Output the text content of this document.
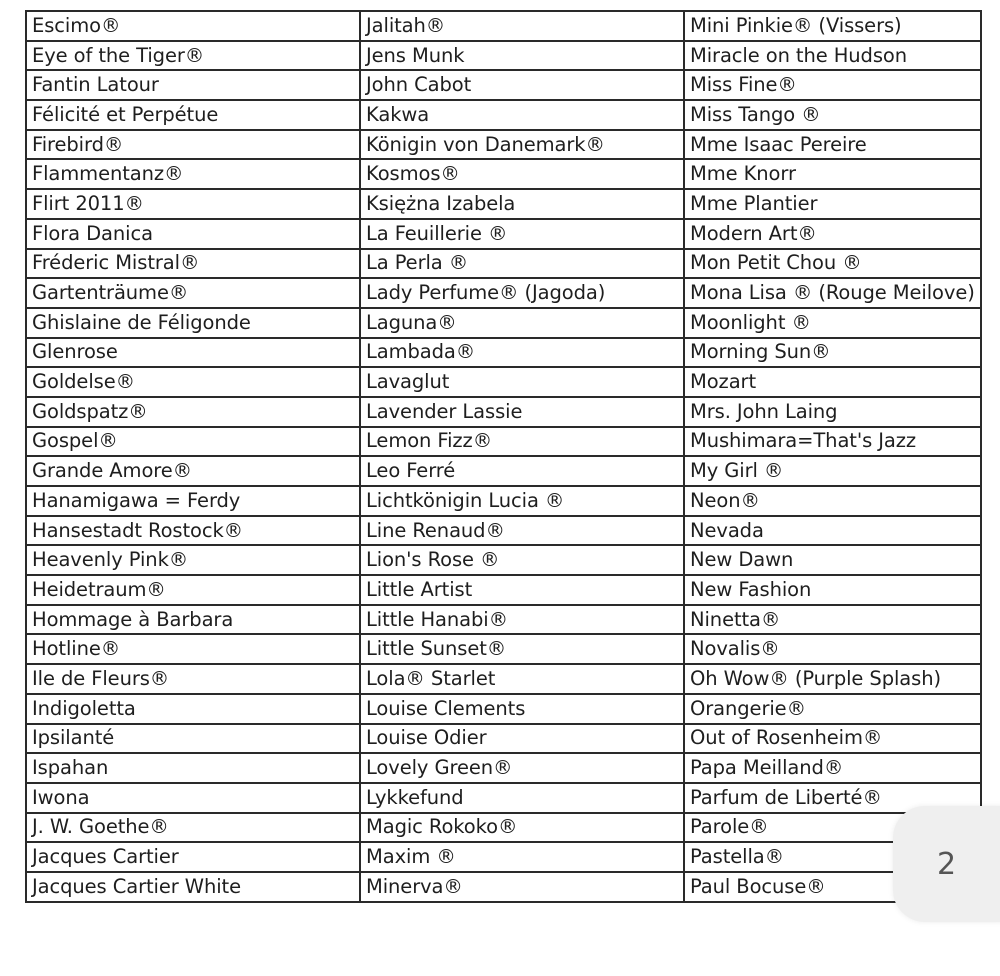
Escimo®	Jalitah®	Mini Pinkie® (Vissers)
Eye of the Tiger®	Jens Munk	Miracle on the Hudson
Fantin Latour	John Cabot	Miss Fine®
Félicité et Perpétue	Kakwa	Miss Tango ®
Firebird®	Königin von Danemark®	Mme Isaac Pereire
Flammentanz®	Kosmos®	Mme Knorr
Flirt 2011®	Księżna Izabela	Mme Plantier
Flora Danica	La Feuillerie ®	Modern Art®
Fréderic Mistral®	La Perla ®	Mon Petit Chou ®
Gartenträume®	Lady Perfume® (Jagoda)	Mona Lisa ® (Rouge Meilove)
Ghislaine de Féligonde	Laguna®	Moonlight ®
Glenrose	Lambada®	Morning Sun®
Goldelse®	Lavaglut	Mozart
Goldspatz®	Lavender Lassie	Mrs. John Laing
Gospel®	Lemon Fizz®	Mushimara=That's Jazz
Grande Amore®	Leo Ferré	My Girl ®
Hanamigawa = Ferdy	Lichtkönigin Lucia ®	Neon®
Hansestadt Rostock®	Line Renaud®	Nevada
Heavenly Pink®	Lion's Rose ®	New Dawn
Heidetraum®	Little Artist	New Fashion
Hommage à Barbara	Little Hanabi®	Ninetta®
Hotline®	Little Sunset®	Novalis®
Ile de Fleurs®	Lola® Starlet	Oh Wow® (Purple Splash)
Indigoletta	Louise Clements	Orangerie®
Ipsilanté	Louise Odier	Out of Rosenheim®
Ispahan	Lovely Green®	Papa Meilland®
Iwona	Lykkefund	Parfum de Liberté®
J. W. Goethe®	Magic Rokoko®	Parole®
Jacques Cartier	Maxim ®	Pastella®
Jacques Cartier White	Minerva®	Paul Bocuse®
2
